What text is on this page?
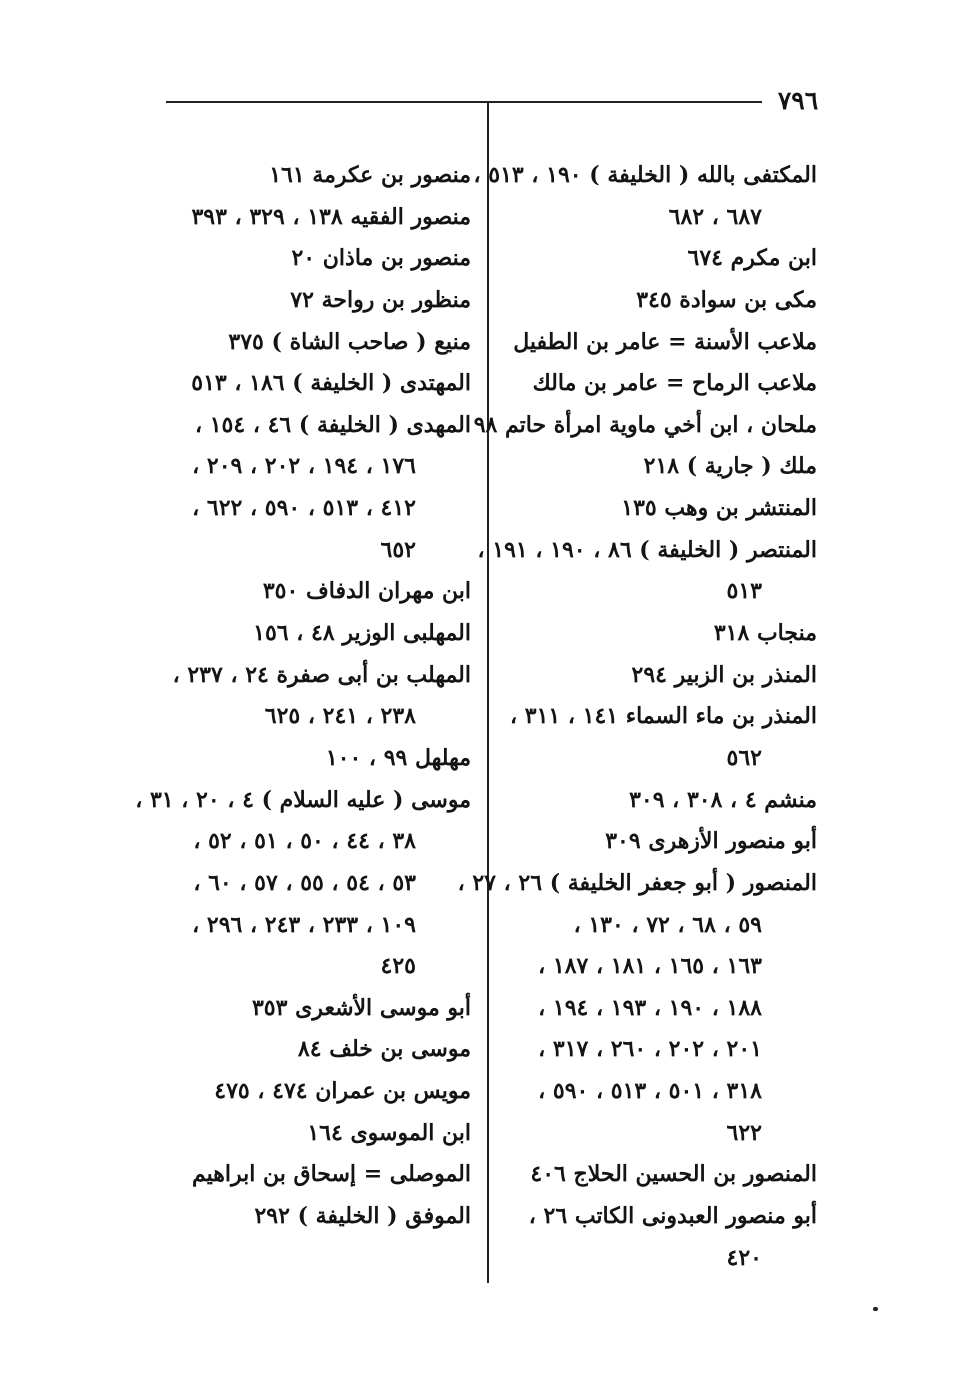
٧٩٦
المكتفى بالله ( الخليفة ) ١٩٠ ، ٥١٣ ،
٦٨٧ ، ٦٨٢
ابن مكرم ٦٧٤
مكى بن سوادة ٣٤٥
ملاعب الأسنة = عامر بن الطفيل
ملاعب الرماح = عامر بن مالك
ملحان ، ابن أخي ماوية امرأة حاتم ٩٨
ملك ( جارية ) ٢١٨
المنتشر بن وهب ١٣٥
المنتصر ( الخليفة ) ٨٦ ، ١٩٠ ، ١٩١ ،
٥١٣
منجاب ٣١٨
المنذر بن الزبير ٢٩٤
المنذر بن ماء السماء ١٤١ ، ٣١١ ،
٥٦٢
منشم ٤ ، ٣٠٨ ، ٣٠٩
أبو منصور الأزهرى ٣٠٩
المنصور ( أبو جعفر الخليفة ) ٢٦ ، ٢٧ ،
٥٩ ، ٦٨ ، ٧٢ ، ١٣٠ ،
١٦٣ ، ١٦٥ ، ١٨١ ، ١٨٧ ،
١٨٨ ، ١٩٠ ، ١٩٣ ، ١٩٤ ،
٢٠١ ، ٢٠٢ ، ٢٦٠ ، ٣١٧ ،
٣١٨ ، ٥٠١ ، ٥١٣ ، ٥٩٠ ،
٦٢٢
المنصور بن الحسين الحلاج ٤٠٦
أبو منصور العبدونى الكاتب ٢٦ ،
٤٢٠
منصور بن عكرمة ١٦١
منصور الفقيه ١٣٨ ، ٣٢٩ ، ٣٩٣
منصور بن ماذان ٢٠
منظور بن رواحة ٧٢
منيع ( صاحب الشاة ) ٣٧٥
المهتدى ( الخليفة ) ١٨٦ ، ٥١٣
المهدى ( الخليفة ) ٤٦ ، ١٥٤ ،
١٧٦ ، ١٩٤ ، ٢٠٢ ، ٢٠٩ ،
٤١٢ ، ٥١٣ ، ٥٩٠ ، ٦٢٢ ،
٦٥٢
ابن مهران الدفاف ٣٥٠
المهلبى الوزير ٤٨ ، ١٥٦
المهلب بن أبى صفرة ٢٤ ، ٢٣٧ ،
٢٣٨ ، ٢٤١ ، ٦٢٥
مهلهل ٩٩ ، ١٠٠
موسى ( عليه السلام ) ٤ ، ٢٠ ، ٣١ ،
٣٨ ، ٤٤ ، ٥٠ ، ٥١ ، ٥٢ ،
٥٣ ، ٥٤ ، ٥٥ ، ٥٧ ، ٦٠ ،
١٠٩ ، ٢٣٣ ، ٢٤٣ ، ٢٩٦ ،
٤٢٥
أبو موسى الأشعرى ٣٥٣
موسى بن خلف ٨٤
مويس بن عمران ٤٧٤ ، ٤٧٥
ابن الموسوى ١٦٤
الموصلى = إسحاق بن ابراهيم
الموفق ( الخليفة ) ٢٩٢
